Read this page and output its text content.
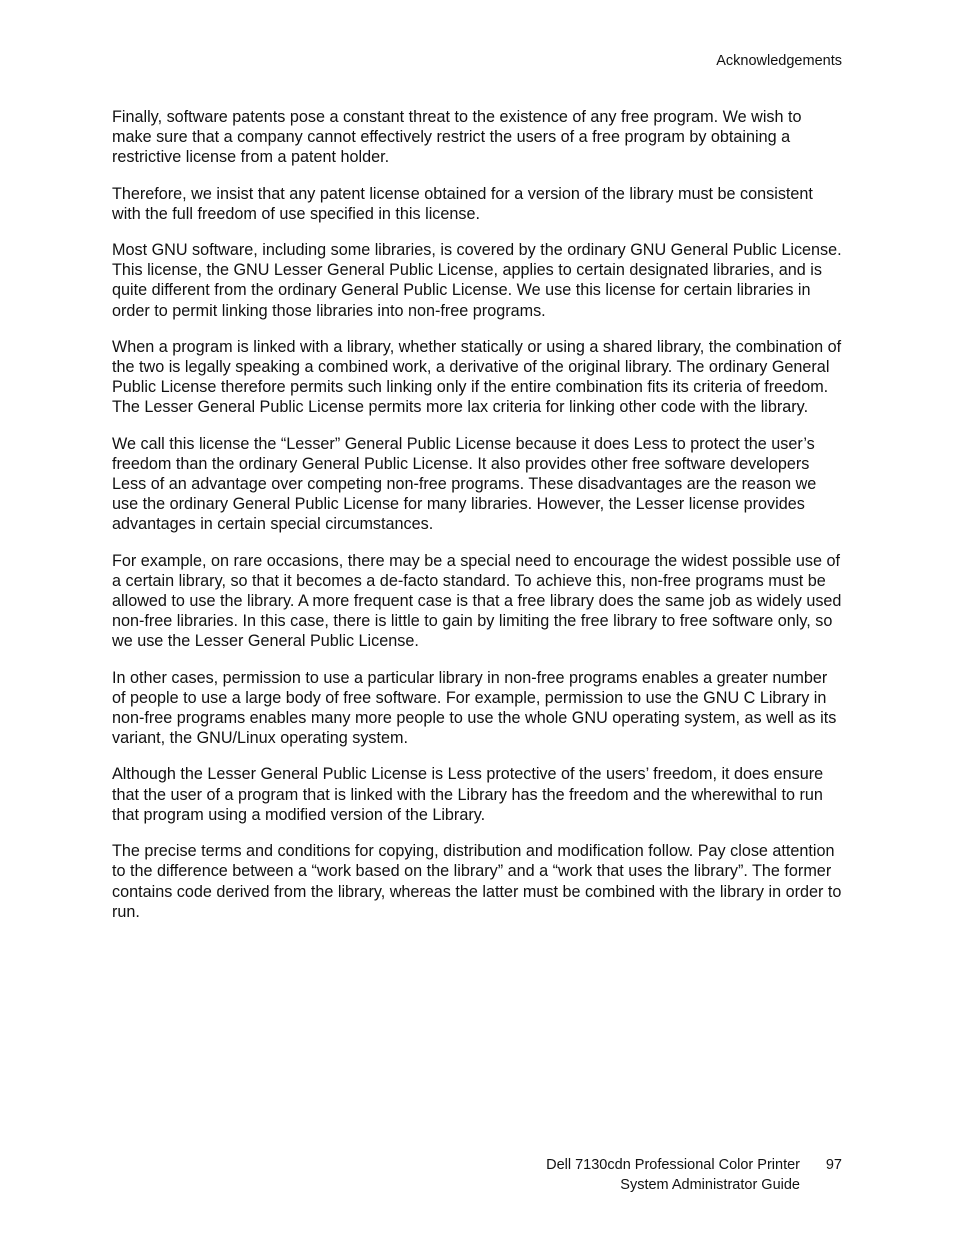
Acknowledgements

Finally, software patents pose a constant threat to the existence of any free program. We wish to make sure that a company cannot effectively restrict the users of a free program by obtaining a restrictive license from a patent holder.

Therefore, we insist that any patent license obtained for a version of the library must be consistent with the full freedom of use specified in this license.

Most GNU software, including some libraries, is covered by the ordinary GNU General Public License. This license, the GNU Lesser General Public License, applies to certain designated libraries, and is quite different from the ordinary General Public License. We use this license for certain libraries in order to permit linking those libraries into non-free programs.

When a program is linked with a library, whether statically or using a shared library, the combination of the two is legally speaking a combined work, a derivative of the original library. The ordinary General Public License therefore permits such linking only if the entire combination fits its criteria of freedom. The Lesser General Public License permits more lax criteria for linking other code with the library.

We call this license the “Lesser” General Public License because it does Less to protect the user’s freedom than the ordinary General Public License. It also provides other free software developers Less of an advantage over competing non-free programs. These disadvantages are the reason we use the ordinary General Public License for many libraries. However, the Lesser license provides advantages in certain special circumstances.

For example, on rare occasions, there may be a special need to encourage the widest possible use of a certain library, so that it becomes a de-facto standard. To achieve this, non-free programs must be allowed to use the library. A more frequent case is that a free library does the same job as widely used non-free libraries. In this case, there is little to gain by limiting the free library to free software only, so we use the Lesser General Public License.

In other cases, permission to use a particular library in non-free programs enables a greater number of people to use a large body of free software. For example, permission to use the GNU C Library in non-free programs enables many more people to use the whole GNU operating system, as well as its variant, the GNU/Linux operating system.

Although the Lesser General Public License is Less protective of the users’ freedom, it does ensure that the user of a program that is linked with the Library has the freedom and the wherewithal to run that program using a modified version of the Library.

The precise terms and conditions for copying, distribution and modification follow. Pay close attention to the difference between a “work based on the library” and a “work that uses the library”. The former contains code derived from the library, whereas the latter must be combined with the library in order to run.

Dell 7130cdn Professional Color Printer
System Administrator Guide
97
